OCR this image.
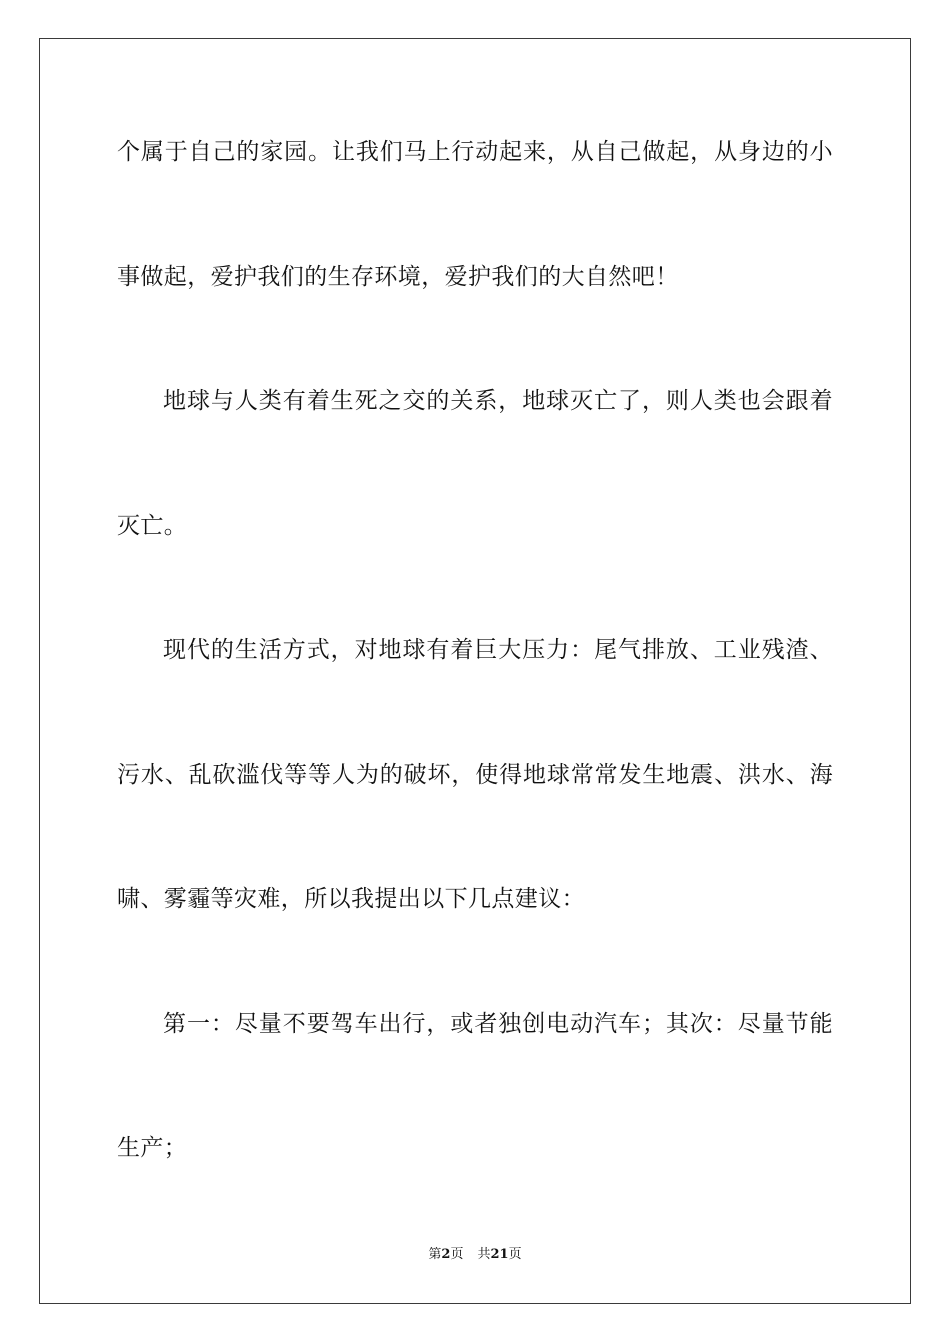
个属于自己的家园。让我们马上行动起来，从自己做起，从身边的小
事做起，爱护我们的生存环境，爱护我们的大自然吧！
地球与人类有着生死之交的关系，地球灭亡了，则人类也会跟着
灭亡。
现代的生活方式，对地球有着巨大压力：尾气排放、工业残渣、
污水、乱砍滥伐等等人为的破坏，使得地球常常发生地震、洪水、海
啸、雾霾等灾难，所以我提出以下几点建议：
第一：尽量不要驾车出行，或者独创电动汽车；其次：尽量节能
生产；
第2页 共21页
